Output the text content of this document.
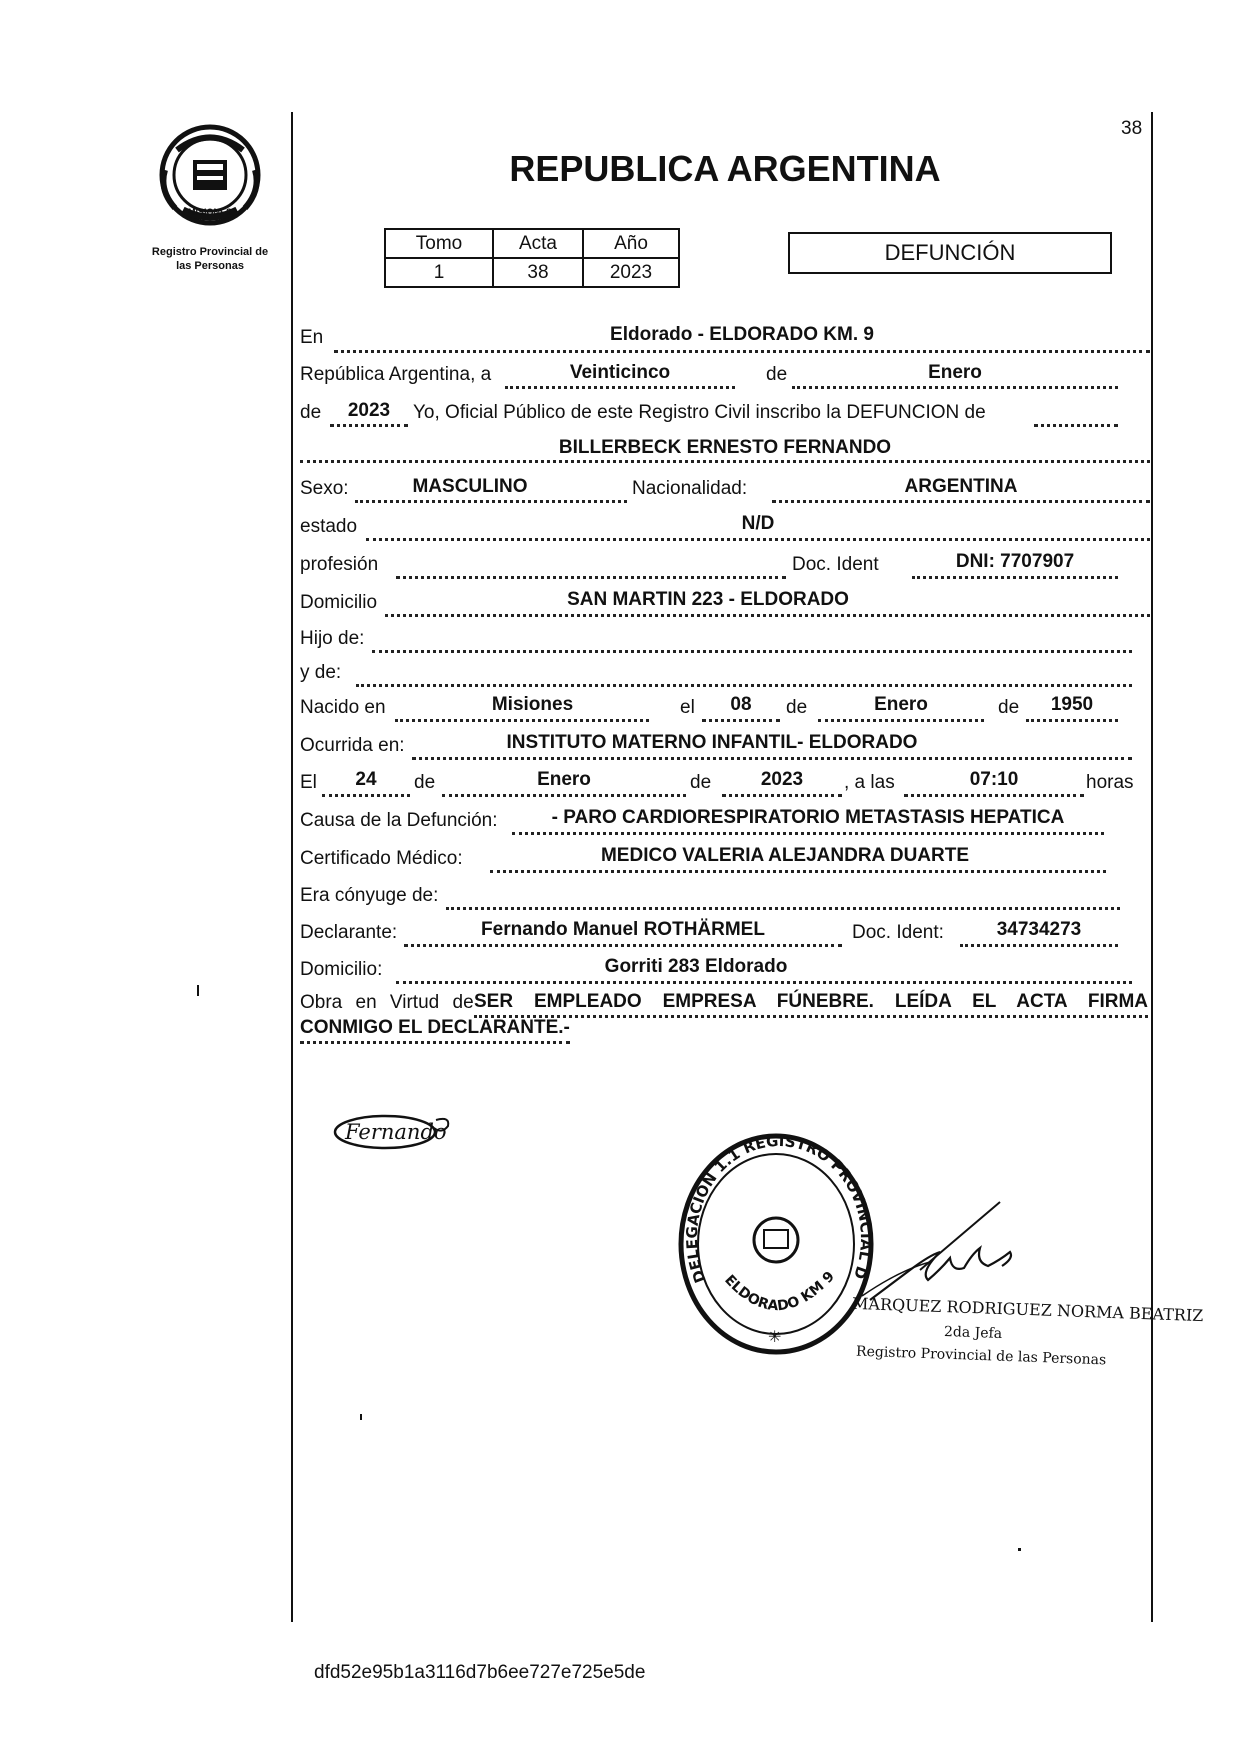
38
MISIONES
Registro Provincial de
las Personas
REPUBLICA ARGENTINA
Tomo	Acta	Año
1	38	2023
DEFUNCIÓN
En	Eldorado - ELDORADO KM. 9
República Argentina, a	Veinticinco	de	Enero
de	2023	Yo, Oficial Público de este Registro Civil inscribo la DEFUNCION de
BILLERBECK ERNESTO FERNANDO
Sexo:	MASCULINO	Nacionalidad:	ARGENTINA
estado	N/D
profesión	Doc. Ident	DNI: 7707907
Domicilio	SAN MARTIN 223 - ELDORADO
Hijo de:
y de:
Nacido en	Misiones	el	08	de	Enero	de	1950
Ocurrida en:	INSTITUTO MATERNO INFANTIL- ELDORADO
El	24	de	Enero	de	2023	, a las	07:10	horas
Causa de la Defunción:	- PARO CARDIORESPIRATORIO METASTASIS HEPATICA
Certificado Médico:	MEDICO VALERIA ALEJANDRA DUARTE
Era cónyuge de:
Declarante:	Fernando Manuel ROTHÄRMEL	Doc. Ident:	34734273
Domicilio:	Gorriti 283 Eldorado
Obra en Virtud de SER EMPLEADO EMPRESA FÚNEBRE. LEÍDA EL ACTA FIRMA
CONMIGO EL DECLARANTE.-
Fernando
DELEGACIÓN 1.1 REGISTRO PROVINCIAL D
ELDORADO KM 9
✳
MARQUEZ RODRIGUEZ NORMA BEATRIZ
2da Jefa
Registro Provincial de las Personas
dfd52e95b1a3116d7b6ee727e725e5de
